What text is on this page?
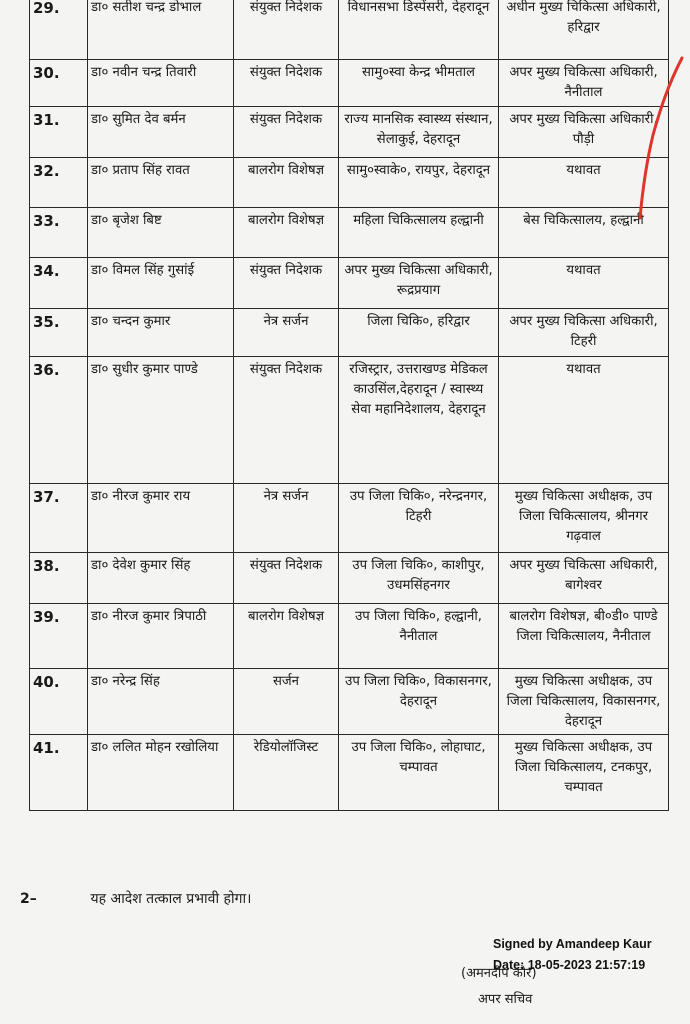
29.	डा० सतीश चन्द्र डोभाल	संयुक्त निदेशक	विधानसभा डिस्पेंसरी, देहरादून	अधीन मुख्य चिकित्सा अधिकारी, हरिद्वार
30.	डा० नवीन चन्द्र तिवारी	संयुक्त निदेशक	सामु०स्वा केन्द्र भीमताल	अपर मुख्य चिकित्सा अधिकारी, नैनीताल
31.	डा० सुमित देव बर्मन	संयुक्त निदेशक	राज्य मानसिक स्वास्थ्य संस्थान, सेलाकुई, देहरादून	अपर मुख्य चिकित्सा अधिकारी, पौड़ी
32.	डा० प्रताप सिंह रावत	बालरोग विशेषज्ञ	सामु०स्वाके०, रायपुर, देहरादून	यथावत
33.	डा० बृजेश बिष्ट	बालरोग विशेषज्ञ	महिला चिकित्सालय हल्द्वानी	बेस चिकित्सालय, हल्द्वानी
34.	डा० विमल सिंह गुसांई	संयुक्त निदेशक	अपर मुख्य चिकित्सा अधिकारी, रूद्रप्रयाग	यथावत
35.	डा० चन्दन कुमार	नेत्र सर्जन	जिला चिकि०, हरिद्वार	अपर मुख्य चिकित्सा अधिकारी, टिहरी
36.	डा० सुधीर कुमार पाण्डे	संयुक्त निदेशक	रजिस्ट्रार, उत्तराखण्ड मेडिकल काउसिंल,देहरादून / स्वास्थ्य सेवा महानिदेशालय, देहरादून	यथावत
37.	डा० नीरज कुमार राय	नेत्र सर्जन	उप जिला चिकि०, नरेन्द्रनगर, टिहरी	मुख्य चिकित्सा अधीक्षक, उप जिला चिकित्सालय, श्रीनगर गढ़वाल
38.	डा० देवेश कुमार सिंह	संयुक्त निदेशक	उप जिला चिकि०, काशीपुर, उधमसिंहनगर	अपर मुख्य चिकित्सा अधिकारी, बागेश्वर
39.	डा० नीरज कुमार त्रिपाठी	बालरोग विशेषज्ञ	उप जिला चिकि०, हल्द्वानी, नैनीताल	बालरोग विशेषज्ञ, बी०डी० पाण्डे जिला चिकित्सालय, नैनीताल
40.	डा० नरेन्द्र सिंह	सर्जन	उप जिला चिकि०, विकासनगर, देहरादून	मुख्य चिकित्सा अधीक्षक, उप जिला चिकित्सालय, विकासनगर, देहरादून
41.	डा० ललित मोहन रखोलिया	रेडियोलॉजिस्ट	उप जिला चिकि०, लोहाघाट, चम्पावत	मुख्य चिकित्सा अधीक्षक, उप जिला चिकित्सालय, टनकपुर, चम्पावत
2–	यह आदेश तत्काल प्रभावी होगा।
Signed by Amandeep Kaur
Date: 18-05-2023 21:57:19
(अमनदीप कौर)
अपर सचिव
